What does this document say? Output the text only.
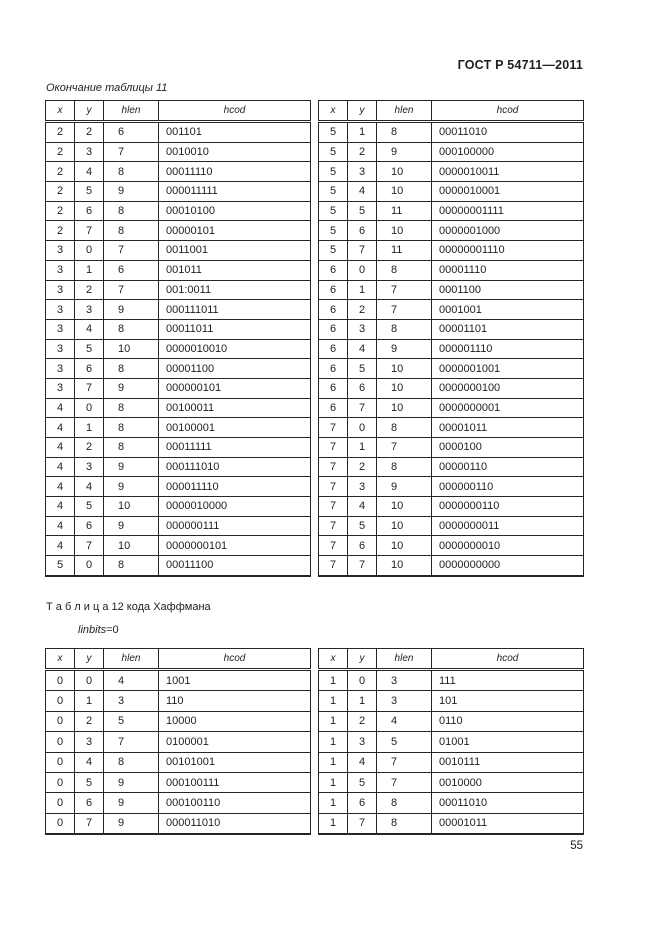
ГОСТ Р 54711—2011
Окончание таблицы 11
x	y	hlen	hcod
2	2	6	001101
2	3	7	0010010
2	4	8	00011110
2	5	9	000011111
2	6	8	00010100
2	7	8	00000101
3	0	7	0011001
3	1	6	001011
3	2	7	001:0011
3	3	9	000111011
3	4	8	00011011
3	5	10	0000010010
3	6	8	00001100
3	7	9	000000101
4	0	8	00100011
4	1	8	00100001
4	2	8	00011111
4	3	9	000111010
4	4	9	000011110
4	5	10	0000010000
4	6	9	000000111
4	7	10	0000000101
5	0	8	00011100
x	y	hlen	hcod
5	1	8	00011010
5	2	9	000100000
5	3	10	0000010011
5	4	10	0000010001
5	5	11	00000001111
5	6	10	0000001000
5	7	11	00000001110
6	0	8	00001110
6	1	7	0001100
6	2	7	0001001
6	3	8	00001101
6	4	9	000001110
6	5	10	0000001001
6	6	10	0000000100
6	7	10	0000000001
7	0	8	00001011
7	1	7	0000100
7	2	8	00000110
7	3	9	000000110
7	4	10	0000000110
7	5	10	0000000011
7	6	10	0000000010
7	7	10	0000000000
Т а б л и ц а 12 кода Хаффмана
linbits=0
x	y	hlen	hcod
0	0	4	1001
0	1	3	110
0	2	5	10000
0	3	7	0100001
0	4	8	00101001
0	5	9	000100111
0	6	9	000100110
0	7	9	000011010
x	y	hlen	hcod
1	0	3	111
1	1	3	101
1	2	4	0110
1	3	5	01001
1	4	7	0010111
1	5	7	0010000
1	6	8	00011010
1	7	8	00001011
55
